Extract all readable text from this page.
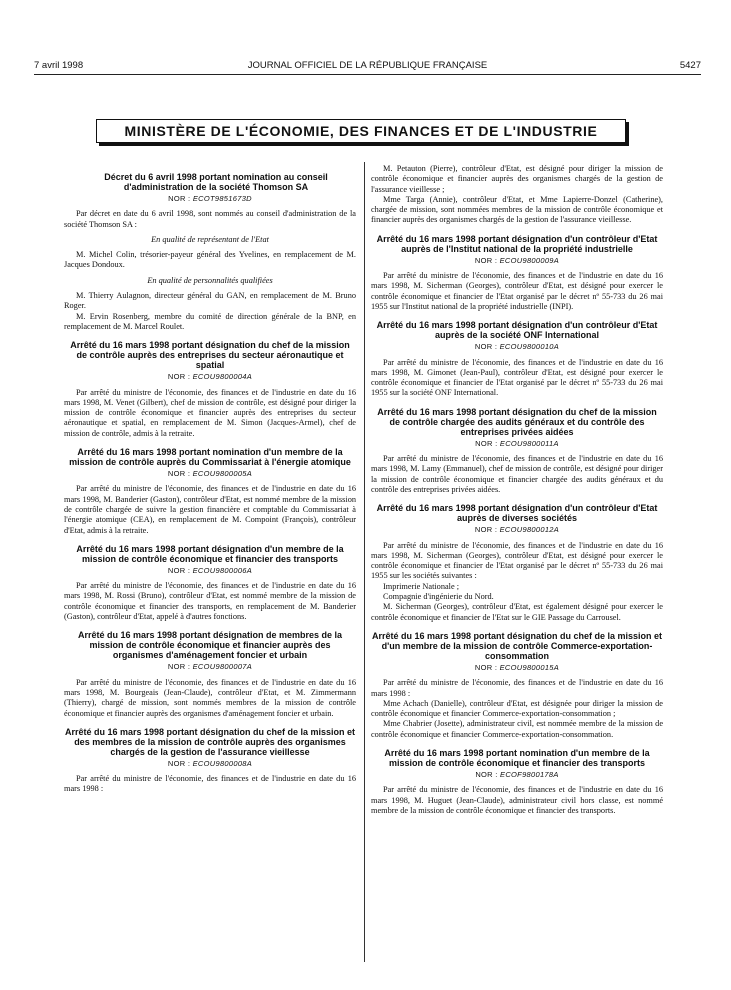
7 avril 1998	JOURNAL OFFICIEL DE LA RÉPUBLIQUE FRANÇAISE	5427
MINISTÈRE DE L'ÉCONOMIE, DES FINANCES ET DE L'INDUSTRIE
Décret du 6 avril 1998 portant nomination au conseil d'administration de la société Thomson SA
NOR : ECOT9851673D

Par décret en date du 6 avril 1998, sont nommés au conseil d'administration de la société Thomson SA :

En qualité de représentant de l'Etat

M. Michel Colin, trésorier-payeur général des Yvelines, en remplacement de M. Jacques Dondoux.

En qualité de personnalités qualifiées

M. Thierry Aulagnon, directeur général du GAN, en remplacement de M. Bruno Roger.

M. Ervin Rosenberg, membre du comité de direction générale de la BNP, en remplacement de M. Marcel Roulet.

Arrêté du 16 mars 1998 portant désignation du chef de la mission de contrôle auprès des entreprises du secteur aéronautique et spatial
NOR : ECOU9800004A

Par arrêté du ministre de l'économie, des finances et de l'industrie en date du 16 mars 1998, M. Venet (Gilbert), chef de mission de contrôle, est désigné pour diriger la mission de contrôle économique et financier auprès des entreprises du secteur aéronautique et spatial, en remplacement de M. Simon (Jacques-Armel), chef de mission de contrôle, admis à la retraite.

Arrêté du 16 mars 1998 portant nomination d'un membre de la mission de contrôle auprès du Commissariat à l'énergie atomique
NOR : ECOU9800005A

Par arrêté du ministre de l'économie, des finances et de l'industrie en date du 16 mars 1998, M. Banderier (Gaston), contrôleur d'Etat, est nommé membre de la mission de contrôle chargée de suivre la gestion financière et comptable du Commissariat à l'énergie atomique (CEA), en remplacement de M. Compoint (François), contrôleur d'Etat, admis à la retraite.

Arrêté du 16 mars 1998 portant désignation d'un membre de la mission de contrôle économique et financier des transports
NOR : ECOU9800006A

Par arrêté du ministre de l'économie, des finances et de l'industrie en date du 16 mars 1998, M. Rossi (Bruno), contrôleur d'Etat, est nommé membre de la mission de contrôle économique et financier des transports, en remplacement de M. Banderier (Gaston), contrôleur d'Etat, appelé à d'autres fonctions.

Arrêté du 16 mars 1998 portant désignation de membres de la mission de contrôle économique et financier auprès des organismes d'aménagement foncier et urbain
NOR : ECOU9800007A

Par arrêté du ministre de l'économie, des finances et de l'industrie en date du 16 mars 1998, M. Bourgeais (Jean-Claude), contrôleur d'Etat, et M. Zimmermann (Thierry), chargé de mission, sont nommés membres de la mission de contrôle économique et financier auprès des organismes d'aménagement foncier et urbain.

Arrêté du 16 mars 1998 portant désignation du chef de la mission et des membres de la mission de contrôle auprès des organismes chargés de la gestion de l'assurance vieillesse
NOR : ECOU9800008A

Par arrêté du ministre de l'économie, des finances et de l'industrie en date du 16 mars 1998 :

M. Petauton (Pierre), contrôleur d'Etat, est désigné pour diriger la mission de contrôle économique et financier auprès des organismes chargés de la gestion de l'assurance vieillesse ;

Mme Targa (Annie), contrôleur d'Etat, et Mme Lapierre-Donzel (Catherine), chargée de mission, sont nommées membres de la mission de contrôle économique et financier auprès des organismes chargés de la gestion de l'assurance vieillesse.

Arrêté du 16 mars 1998 portant désignation d'un contrôleur d'Etat auprès de l'Institut national de la propriété industrielle
NOR : ECOU9800009A

Par arrêté du ministre de l'économie, des finances et de l'industrie en date du 16 mars 1998, M. Sicherman (Georges), contrôleur d'Etat, est désigné pour exercer le contrôle économique et financier de l'Etat organisé par le décret nº 55-733 du 26 mai 1955 sur l'Institut national de la propriété industrielle (INPI).

Arrêté du 16 mars 1998 portant désignation d'un contrôleur d'Etat auprès de la société ONF International
NOR : ECOU9800010A

Par arrêté du ministre de l'économie, des finances et de l'industrie en date du 16 mars 1998, M. Gimonet (Jean-Paul), contrôleur d'Etat, est désigné pour exercer le contrôle économique et financier de l'Etat organisé par le décret nº 55-733 du 26 mai 1955 sur la société ONF International.

Arrêté du 16 mars 1998 portant désignation du chef de la mission de contrôle chargée des audits généraux et du contrôle des entreprises privées aidées
NOR : ECOU9800011A

Par arrêté du ministre de l'économie, des finances et de l'industrie en date du 16 mars 1998, M. Lamy (Emmanuel), chef de mission de contrôle, est désigné pour diriger la mission de contrôle économique et financier chargée des audits généraux et du contrôle des entreprises privées aidées.

Arrêté du 16 mars 1998 portant désignation d'un contrôleur d'Etat auprès de diverses sociétés
NOR : ECOU9800012A

Par arrêté du ministre de l'économie, des finances et de l'industrie en date du 16 mars 1998, M. Sicherman (Georges), contrôleur d'Etat, est désigné pour exercer le contrôle économique et financier de l'Etat organisé par le décret nº 55-733 du 26 mai 1955 sur les sociétés suivantes :

Imprimerie Nationale ;

Compagnie d'ingénierie du Nord.

M. Sicherman (Georges), contrôleur d'Etat, est également désigné pour exercer le contrôle économique et financier de l'Etat sur le GIE Passage du Carrousel.

Arrêté du 16 mars 1998 portant désignation du chef de la mission et d'un membre de la mission de contrôle Commerce-exportation-consommation
NOR : ECOU9800015A

Par arrêté du ministre de l'économie, des finances et de l'industrie en date du 16 mars 1998 :

Mme Achach (Danielle), contrôleur d'Etat, est désignée pour diriger la mission de contrôle économique et financier Commerce-exportation-consommation ;

Mme Chabrier (Josette), administrateur civil, est nommée membre de la mission de contrôle économique et financier Commerce-exportation-consommation.

Arrêté du 16 mars 1998 portant nomination d'un membre de la mission de contrôle économique et financier des transports
NOR : ECOF9800178A

Par arrêté du ministre de l'économie, des finances et de l'industrie en date du 16 mars 1998, M. Huguet (Jean-Claude), administrateur civil hors classe, est nommé membre de la mission de contrôle économique et financier des transports.
